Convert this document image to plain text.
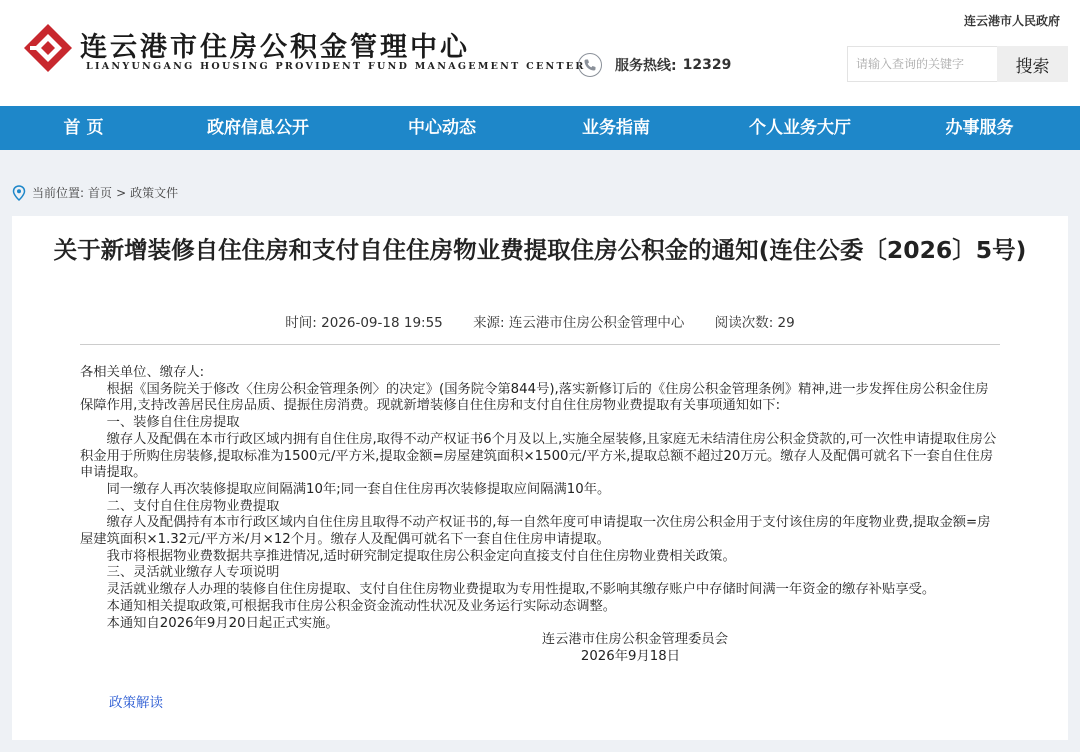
连云港市住房公积金管理中心
LIANYUNGANG HOUSING PROVIDENT FUND MANAGEMENT CENTER
连云港市人民政府
服务热线: 12329
请输入查询的关键字	搜索
首 页	政府信息公开	中心动态	业务指南	个人业务大厅	办事服务
当前位置: 首页 > 政策文件
关于新增装修自住住房和支付自住住房物业费提取住房公积金的通知(连住公委〔2026〕5号)
时间: 2026-09-18 19:55 来源: 连云港市住房公积金管理中心 阅读次数: 29

各相关单位、缴存人:

根据《国务院关于修改〈住房公积金管理条例〉的决定》(国务院令第844号),落实新修订后的《住房公积金管理条例》精神,进一步发挥住房公积金住房保障作用,支持改善居民住房品质、提振住房消费。现就新增装修自住住房和支付自住住房物业费提取有关事项通知如下:

一、装修自住住房提取

缴存人及配偶在本市行政区域内拥有自住住房,取得不动产权证书6个月及以上,实施全屋装修,且家庭无未结清住房公积金贷款的,可一次性申请提取住房公积金用于所购住房装修,提取标准为1500元/平方米,提取金额=房屋建筑面积×1500元/平方米,提取总额不超过20万元。缴存人及配偶可就名下一套自住住房申请提取。

同一缴存人再次装修提取应间隔满10年;同一套自住住房再次装修提取应间隔满10年。

二、支付自住住房物业费提取

缴存人及配偶持有本市行政区域内自住住房且取得不动产权证书的,每一自然年度可申请提取一次住房公积金用于支付该住房的年度物业费,提取金额=房屋建筑面积×1.32元/平方米/月×12个月。缴存人及配偶可就名下一套自住住房申请提取。

我市将根据物业费数据共享推进情况,适时研究制定提取住房公积金定向直接支付自住住房物业费相关政策。

三、灵活就业缴存人专项说明

灵活就业缴存人办理的装修自住住房提取、支付自住住房物业费提取为专用性提取,不影响其缴存账户中存储时间满一年资金的缴存补贴享受。

本通知相关提取政策,可根据我市住房公积金资金流动性状况及业务运行实际动态调整。

本通知自2026年9月20日起正式实施。

连云港市住房公积金管理委员会

2026年9月18日

政策解读
